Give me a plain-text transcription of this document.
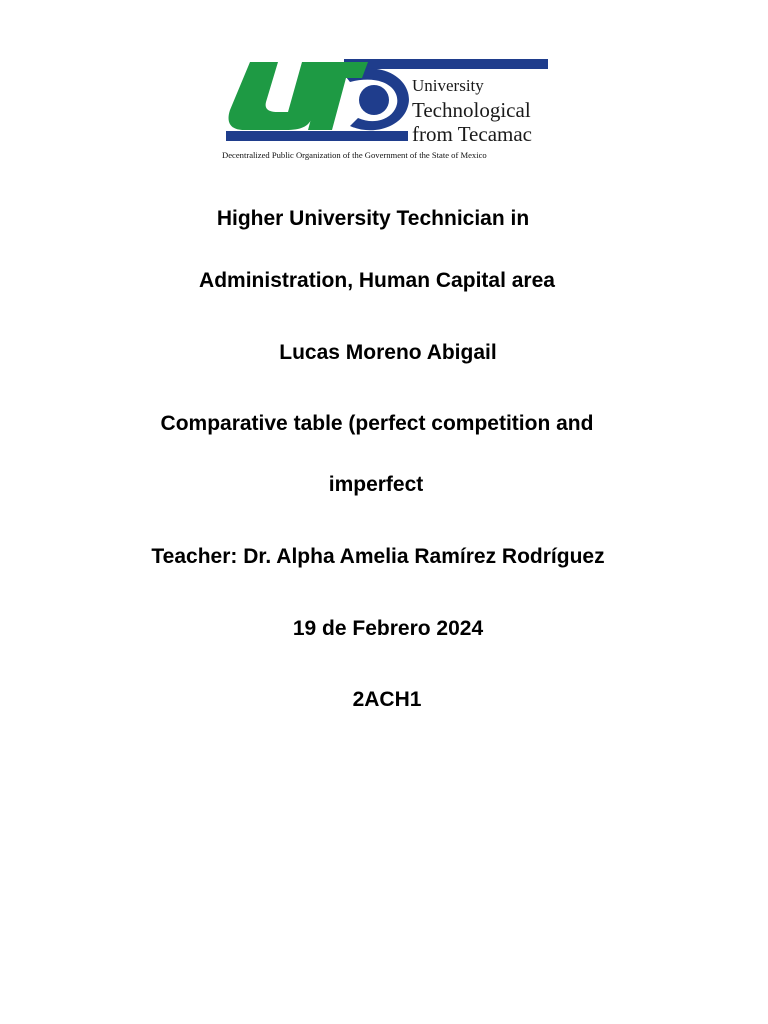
University
Technological
from Tecamac
Decentralized Public Organization of the Government of the State of Mexico
Higher University Technician in
Administration, Human Capital area
Lucas Moreno Abigail
Comparative table (perfect competition and
imperfect
Teacher: Dr. Alpha Amelia Ramírez Rodríguez
19 de Febrero 2024
2ACH1
